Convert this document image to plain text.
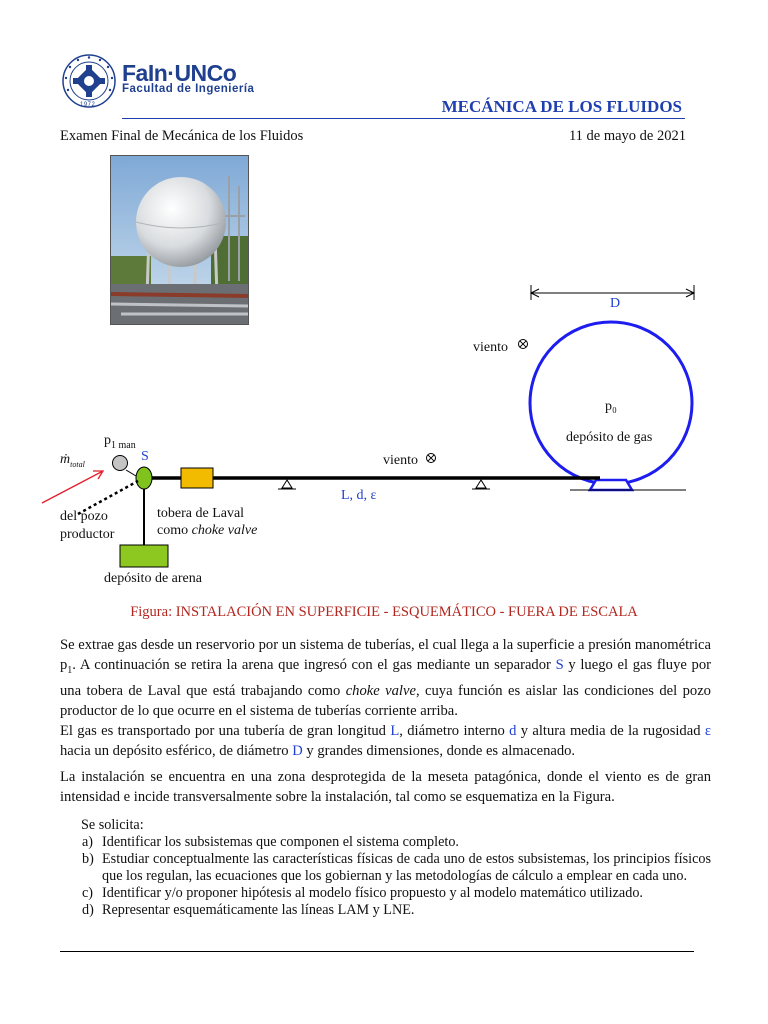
1972
FaIn·UNCo
Facultad de Ingeniería
MECÁNICA DE LOS FLUIDOS
Examen Final de Mecánica de los Fluidos	11 de mayo de 2021
D
viento
p₀
depósito de gas
$p_{1 man}$
ṁ$_{total}$
S	viento
L, d, ε
del pozo
productor
tobera de Laval
como choke valve
depósito de arena
Figura: INSTALACIÓN EN SUPERFICIE - ESQUEMÁTICO - FUERA DE ESCALA
Se extrae gas desde un reservorio por un sistema de tuberías, el cual llega a la superficie a presión manométrica $p_1$. A continuación se retira la arena que ingresó con el gas mediante un separador S y luego el gas fluye por una tobera de Laval que está trabajando como choke valve, cuya función es aislar las condiciones del pozo productor de lo que ocurre en el sistema de tuberías corriente arriba.
El gas es transportado por una tubería de gran longitud L, diámetro interno d y altura media de la rugosidad ε hacia un depósito esférico, de diámetro D y grandes dimensiones, donde es almacenado.
La instalación se encuentra en una zona desprotegida de la meseta patagónica, donde el viento es de gran intensidad e incide transversalmente sobre la instalación, tal como se esquematiza en la Figura.
Se solicita:
a) Identificar los subsistemas que componen el sistema completo.
b) Estudiar conceptualmente las características físicas de cada uno de estos subsistemas, los principios físicos que los regulan, las ecuaciones que los gobiernan y las metodologías de cálculo a emplear en cada uno.
c) Identificar y/o proponer hipótesis al modelo físico propuesto y al modelo matemático utilizado.
d) Representar esquemáticamente las líneas LAM y LNE.
